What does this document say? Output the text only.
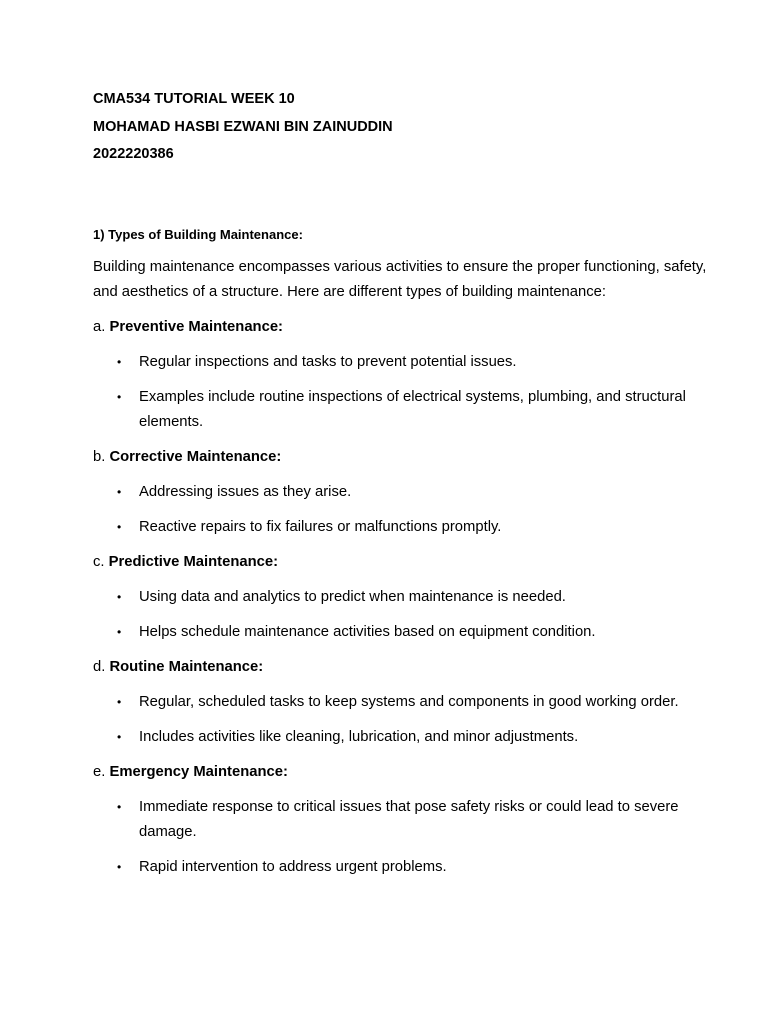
CMA534 TUTORIAL WEEK 10

MOHAMAD HASBI EZWANI BIN ZAINUDDIN

2022220386

1) Types of Building Maintenance:

Building maintenance encompasses various activities to ensure the proper functioning, safety, and aesthetics of a structure. Here are different types of building maintenance:

a. Preventive Maintenance:

• Regular inspections and tasks to prevent potential issues.
• Examples include routine inspections of electrical systems, plumbing, and structural elements.

b. Corrective Maintenance:

• Addressing issues as they arise.
• Reactive repairs to fix failures or malfunctions promptly.

c. Predictive Maintenance:

• Using data and analytics to predict when maintenance is needed.
• Helps schedule maintenance activities based on equipment condition.

d. Routine Maintenance:

• Regular, scheduled tasks to keep systems and components in good working order.
• Includes activities like cleaning, lubrication, and minor adjustments.

e. Emergency Maintenance:

• Immediate response to critical issues that pose safety risks or could lead to severe damage.
• Rapid intervention to address urgent problems.
